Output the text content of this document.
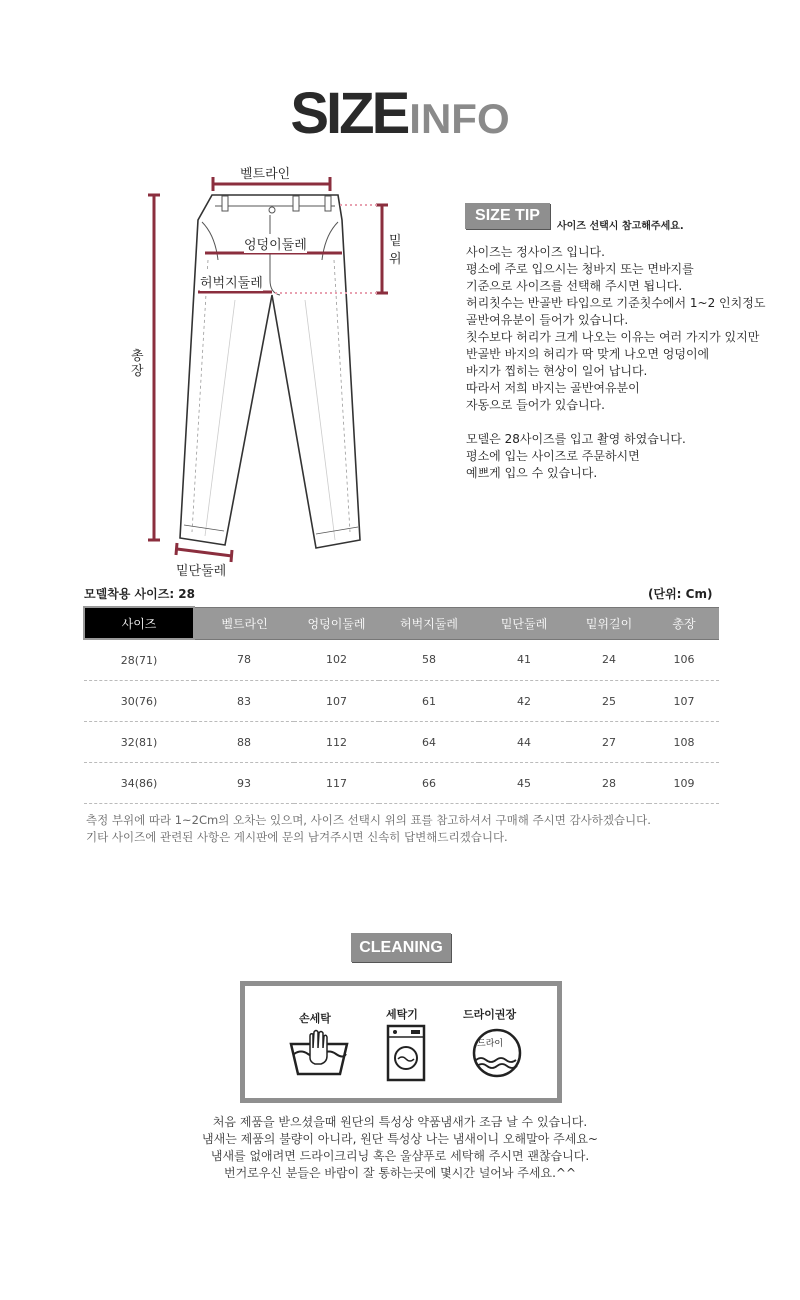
SIZEINFO
벨트라인
엉덩이둘레
허벅지둘레
밑
위
총
장
밑단둘레
SIZE TIP
사이즈 선택시 참고해주세요.
사이즈는 정사이즈 입니다.
평소에 주로 입으시는 청바지 또는 면바지를
기준으로 사이즈를 선택해 주시면 됩니다.
허리칫수는 반골반 타입으로 기준칫수에서 1~2 인치정도
골반여유분이 들어가 있습니다.
칫수보다 허리가 크게 나오는 이유는 여러 가지가 있지만
반골반 바지의 허리가 딱 맞게 나오면 엉덩이에
바지가 찝히는 현상이 일어 납니다.
따라서 저희 바지는 골반여유분이
자동으로 들어가 있습니다.
모델은 28사이즈를 입고 촬영 하였습니다.
평소에 입는 사이즈로 주문하시면
예쁘게 입으 수 있습니다.
모델착용 사이즈: 28	(단위: Cm)
사이즈	벨트라인	엉덩이둘레	허벅지둘레	밑단둘레	밑위길이	총장
28(71)	78	102	58	41	24	106
30(76)	83	107	61	42	25	107
32(81)	88	112	64	44	27	108
34(86)	93	117	66	45	28	109
측정 부위에 따라 1~2Cm의 오차는 있으며, 사이즈 선택시 위의 표를 참고하셔서 구매해 주시면 감사하겠습니다.
기타 사이즈에 관련된 사항은 게시판에 문의 남겨주시면 신속히 답변해드리겠습니다.
CLEANING
손세탁	세탁기	드라이권장
드라이
처음 제품을 받으셨을때 원단의 특성상 약품냄새가 조금 날 수 있습니다.
냄새는 제품의 불량이 아니라, 원단 특성상 나는 냄새이니 오해말아 주세요~
냄새를 없애려면 드라이크리닝 혹은 울샴푸로 세탁해 주시면 괜찮습니다.
번거로우신 분들은 바람이 잘 통하는곳에 몇시간 널어놔 주세요.^^
